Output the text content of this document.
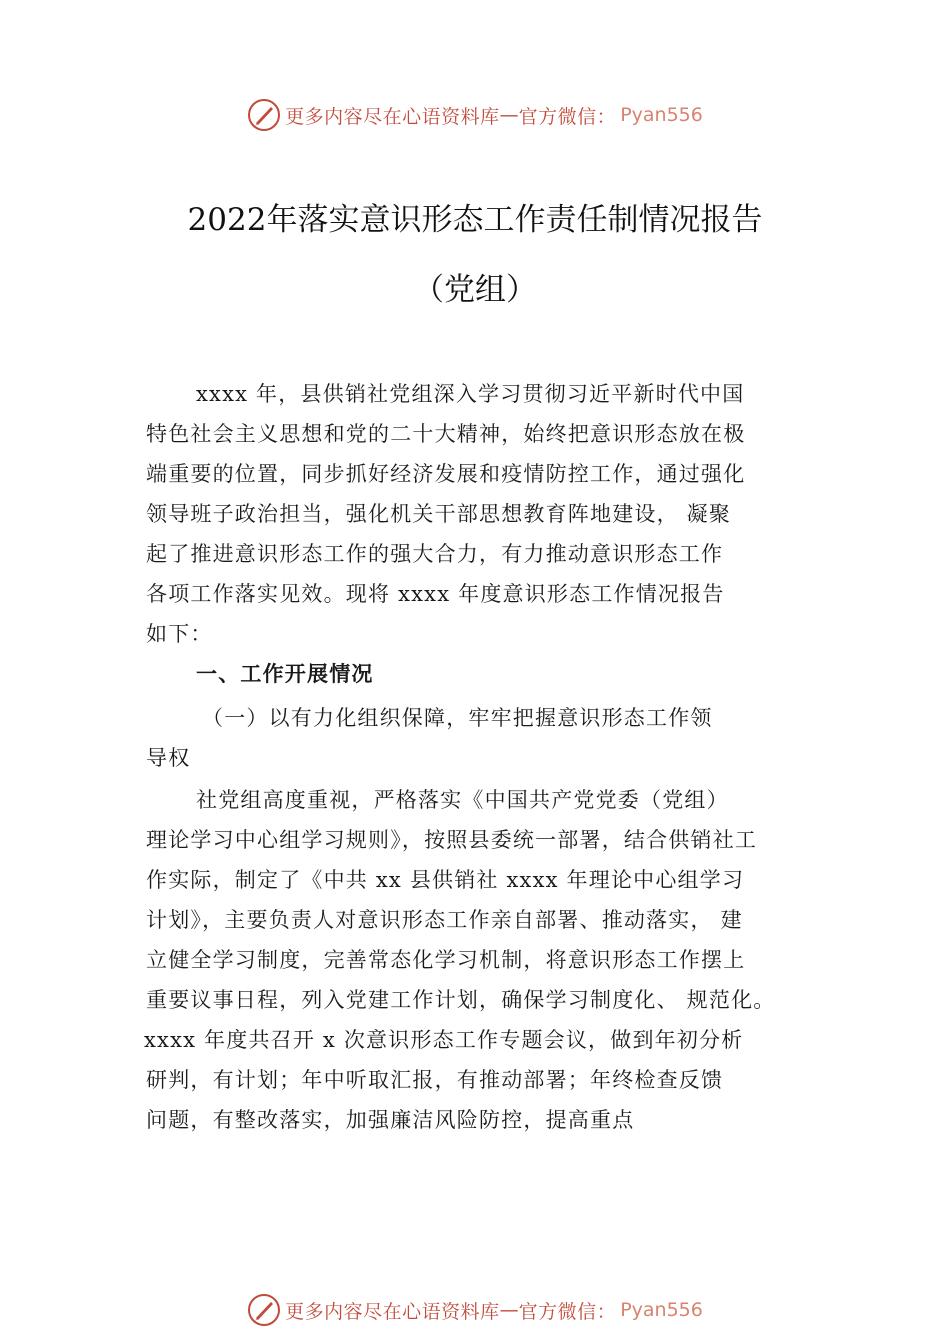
更多内容尽在心语资料库 — 官方微信： Pyan556
2022年落实意识形态工作责任制情况报告
（党组）
xxxx 年，县供销社党组深入学习贯彻习近平新时代中国
特色社会主义思想和党的二十大精神，始终把意识形态放在极
端重要的位置，同步抓好经济发展和疫情防控工作，通过强化
领导班子政治担当，强化机关干部思想教育阵地建设， 凝聚
起了推进意识形态工作的强大合力，有力推动意识形态工作
各项工作落实见效。现将 xxxx 年度意识形态工作情况报告
如下：
一、工作开展情况
（一）以有力化组织保障，牢牢把握意识形态工作领
导权
社党组高度重视，严格落实《中国共产党党委（党组）
理论学习中心组学习规则》，按照县委统一部署，结合供销社工
作实际，制定了《中共 xx 县供销社 xxxx 年理论中心组学习
计划》，主要负责人对意识形态工作亲自部署、推动落实， 建
立健全学习制度，完善常态化学习机制，将意识形态工作摆上
重要议事日程，列入党建工作计划，确保学习制度化、 规范化。
xxxx 年度共召开 x 次意识形态工作专题会议，做到年初分析
研判，有计划；年中听取汇报，有推动部署；年终检查反馈
问题，有整改落实，加强廉洁风险防控，提高重点
更多内容尽在心语资料库 — 官方微信： Pyan556
